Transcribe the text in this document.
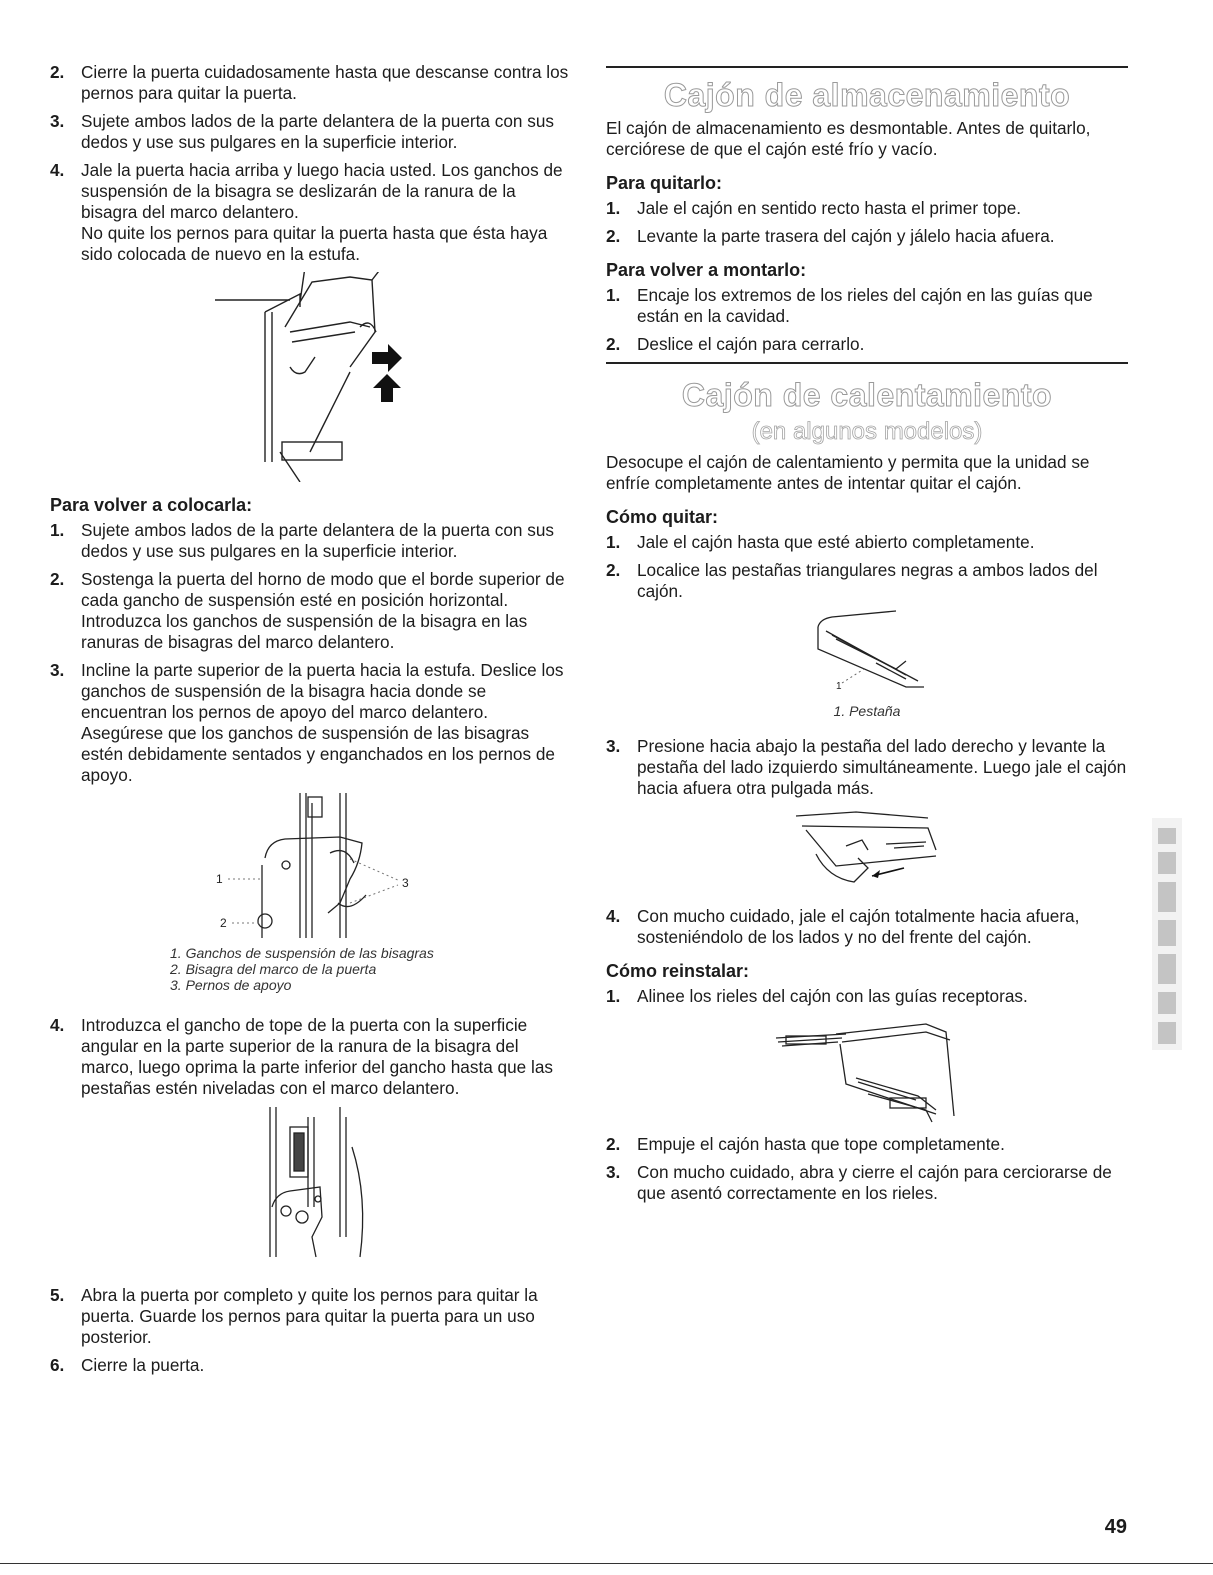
2. Cierre la puerta cuidadosamente hasta que descanse contra los pernos para quitar la puerta.
3. Sujete ambos lados de la parte delantera de la puerta con sus dedos y use sus pulgares en la superficie interior.
4. Jale la puerta hacia arriba y luego hacia usted. Los ganchos de suspensión de la bisagra se deslizarán de la ranura de la bisagra del marco delantero.
No quite los pernos para quitar la puerta hasta que ésta haya sido colocada de nuevo en la estufa.
Para volver a colocarla:
1. Sujete ambos lados de la parte delantera de la puerta con sus dedos y use sus pulgares en la superficie interior.
2. Sostenga la puerta del horno de modo que el borde superior de cada gancho de suspensión esté en posición horizontal. Introduzca los ganchos de suspensión de la bisagra en las ranuras de bisagras del marco delantero.
3. Incline la parte superior de la puerta hacia la estufa. Deslice los ganchos de suspensión de la bisagra hacia donde se encuentran los pernos de apoyo del marco delantero. Asegúrese que los ganchos de suspensión de las bisagras estén debidamente sentados y enganchados en los pernos de apoyo.
1
2
3
1. Ganchos de suspensión de las bisagras
2. Bisagra del marco de la puerta
3. Pernos de apoyo
4. Introduzca el gancho de tope de la puerta con la superficie angular en la parte superior de la ranura de la bisagra del marco, luego oprima la parte inferior del gancho hasta que las pestañas estén niveladas con el marco delantero.
5. Abra la puerta por completo y quite los pernos para quitar la puerta. Guarde los pernos para quitar la puerta para un uso posterior.
6. Cierre la puerta.
Cajón de almacenamiento

El cajón de almacenamiento es desmontable. Antes de quitarlo, cerciórese de que el cajón esté frío y vacío.

Para quitarlo:
1. Jale el cajón en sentido recto hasta el primer tope.
2. Levante la parte trasera del cajón y jálelo hacia afuera.
Para volver a montarlo:
1. Encaje los extremos de los rieles del cajón en las guías que están en la cavidad.
2. Deslice el cajón para cerrarlo.
Cajón de calentamiento
(en algunos modelos)

Desocupe el cajón de calentamiento y permita que la unidad se enfríe completamente antes de intentar quitar el cajón.

Cómo quitar:
1. Jale el cajón hasta que esté abierto completamente.
2. Localice las pestañas triangulares negras a ambos lados del cajón.
1
1. Pestaña
3. Presione hacia abajo la pestaña del lado derecho y levante la pestaña del lado izquierdo simultáneamente. Luego jale el cajón hacia afuera otra pulgada más.
4. Con mucho cuidado, jale el cajón totalmente hacia afuera, sosteniéndolo de los lados y no del frente del cajón.
Cómo reinstalar:
1. Alinee los rieles del cajón con las guías receptoras.
2. Empuje el cajón hasta que tope completamente.
3. Con mucho cuidado, abra y cierre el cajón para cerciorarse de que asentó correctamente en los rieles.
49
